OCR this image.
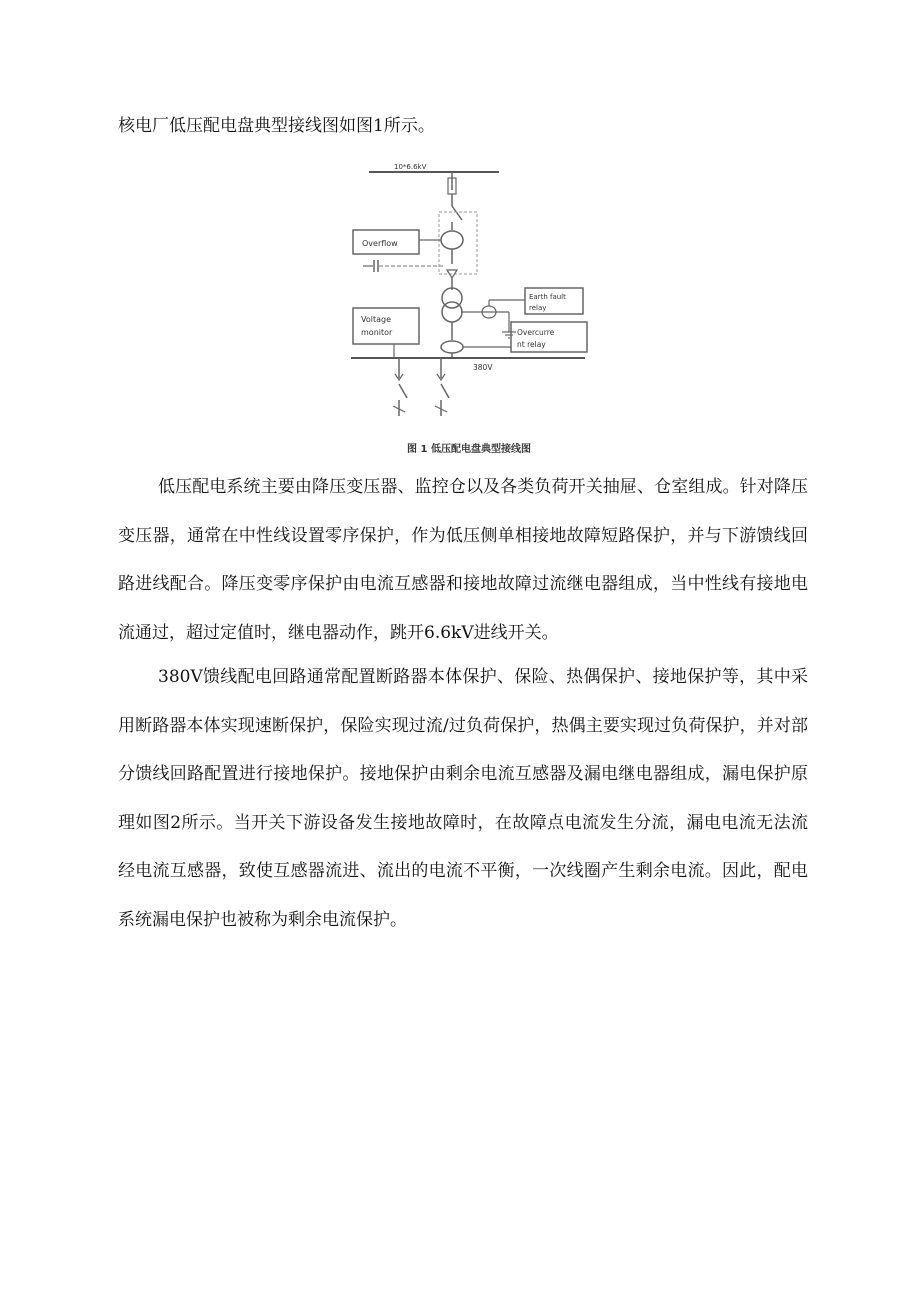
核电厂低压配电盘典型接线图如图1所示。
10*6.6kV
Overflow
Earth fault
relay
Overcurre
nt relay
Voltage
monitor
380V
图 1 低压配电盘典型接线图

低压配电系统主要由降压变压器、监控仓以及各类负荷开关抽屉、仓室组成。针对降压变压器，通常在中性线设置零序保护，作为低压侧单相接地故障短路保护，并与下游馈线回路进线配合。降压变零序保护由电流互感器和接地故障过流继电器组成，当中性线有接地电流通过，超过定值时，继电器动作，跳开6.6kV进线开关。

380V馈线配电回路通常配置断路器本体保护、保险、热偶保护、接地保护等，其中采用断路器本体实现速断保护，保险实现过流/过负荷保护，热偶主要实现过负荷保护，并对部分馈线回路配置进行接地保护。接地保护由剩余电流互感器及漏电继电器组成，漏电保护原理如图2所示。当开关下游设备发生接地故障时，在故障点电流发生分流，漏电电流无法流经电流互感器，致使互感器流进、流出的电流不平衡，一次线圈产生剩余电流。因此，配电系统漏电保护也被称为剩余电流保护。
